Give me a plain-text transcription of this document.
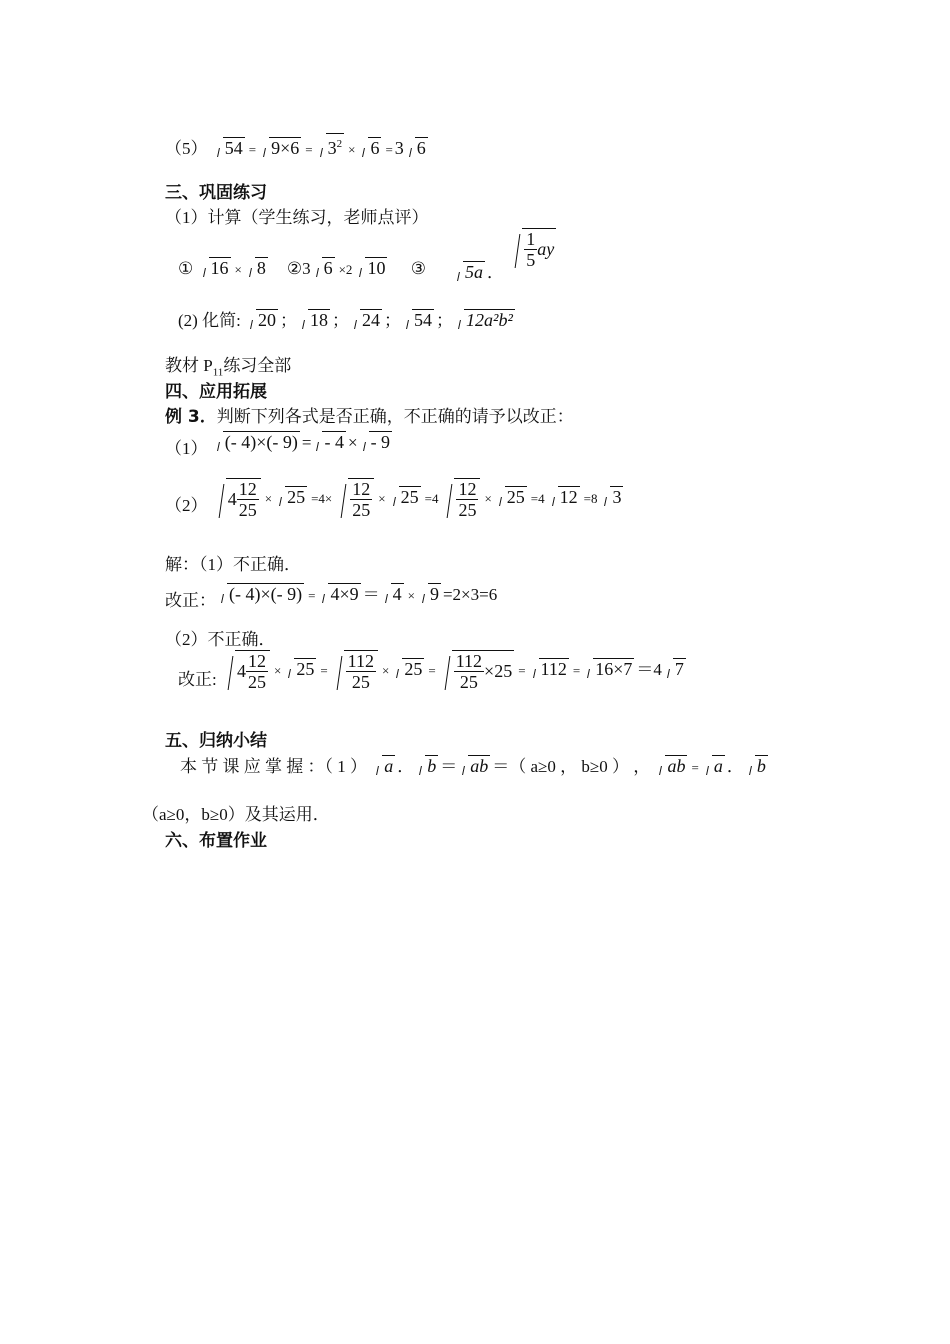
（5） $54 = 9\times 6 = 3^2 \times 6 = 3$ 6
三、巩固练习
（1）计算（学生练习，老师点评）
① 16 × 8 ②3 6 ×2 10 ③	5a ．
$\frac{1}{5}$ ay
(2) 化简: 20 ； 18 ； 24 ； 54 ； 12a²b²
教材 $P_{11}$练习全部
四、应用拓展
例 3．判断下列各式是否正确，不正确的请予以改正：
（1） (- 4)×(- 9) = - 4 × - 9
（2） $4 \frac{12}{25} \times 25 =4\times \frac{12}{25} \times 25 =4 \frac{12}{25} \times 25 =4$ 12 =8 3
解：（1）不正确．
改正： (- 4)×(- 9) = 4×9 ＝ 4 × 9 =2×3=6
（2）不正确．
改正: $4 \frac{12}{25} \times 25 = \frac{112}{25} \times 25 = \frac{112}{25} \times 25 = 112 = 16\times 7 =4$ 7
五、归纳小结
本 节 课 应 掌 握 ：（ 1 ） a ． b ＝ ab ＝（ a≥0 ， b≥0 ） ， ab = a ． b
（a≥0，b≥0）及其运用．
六、布置作业
